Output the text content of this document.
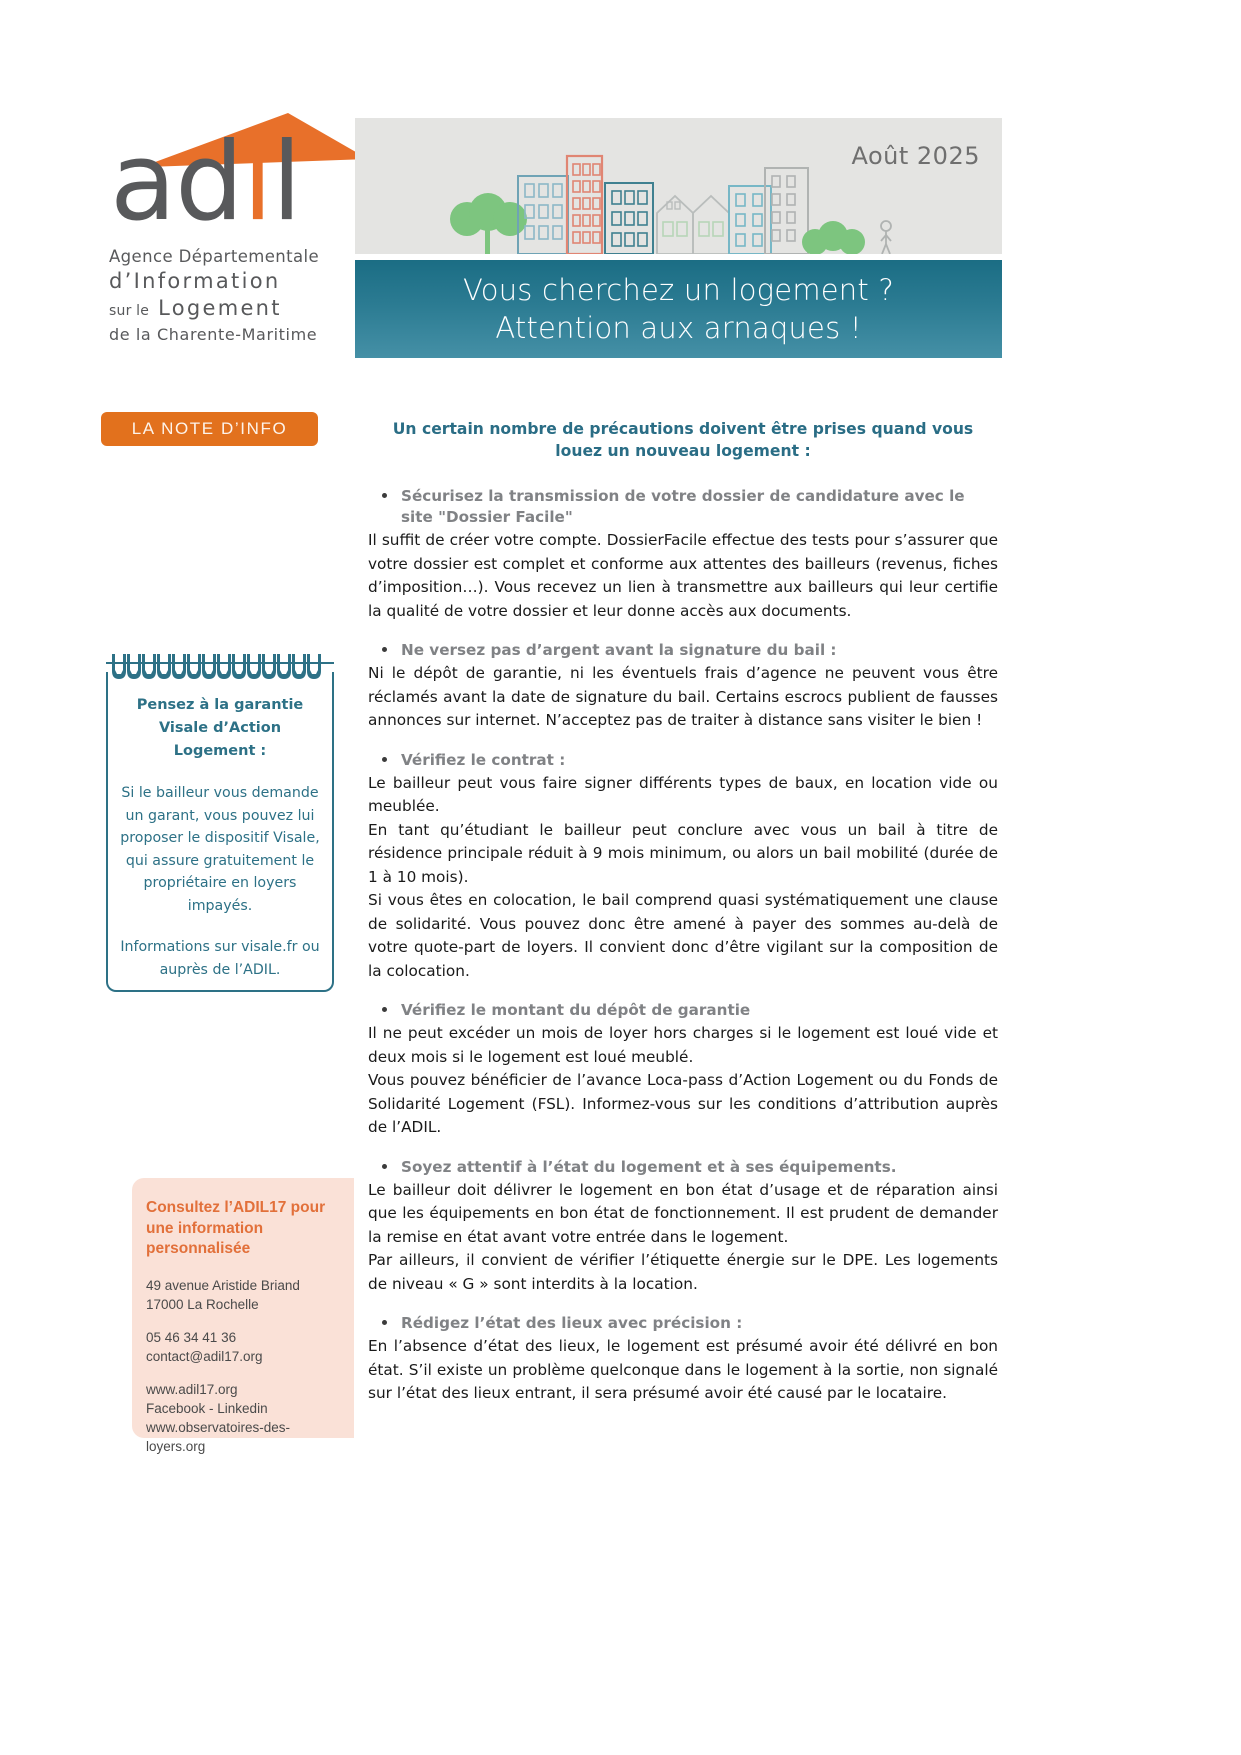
adil
Agence Départementale
d’Information
sur le Logement
de la Charente-Maritime
LA NOTE D’INFO
Pensez à la garantie
Visale d’Action Logement :
Si le bailleur vous demande un garant, vous pouvez lui proposer le dispositif Visale, qui assure gratuitement le propriétaire en loyers impayés.
Informations sur visale.fr ou auprès de l’ADIL.
Consultez l’ADIL17 pour une information personnalisée
49 avenue Aristide Briand
17000 La Rochelle
05 46 34 41 36
contact@adil17.org
www.adil17.org
Facebook - Linkedin
www.observatoires-des-loyers.org
Août 2025
Vous cherchez un logement ?
Attention aux arnaques !
Un certain nombre de précautions doivent être prises quand vous louez un nouveau logement :
Sécurisez la transmission de votre dossier de candidature avec le site "Dossier Facile"

Il suffit de créer votre compte. DossierFacile effectue des tests pour s’assurer que votre dossier est complet et conforme aux attentes des bailleurs (revenus, fiches d’imposition…). Vous recevez un lien à transmettre aux bailleurs qui leur certifie la qualité de votre dossier et leur donne accès aux documents.

Ne versez pas d’argent avant la signature du bail :

Ni le dépôt de garantie, ni les éventuels frais d’agence ne peuvent vous être réclamés avant la date de signature du bail. Certains escrocs publient de fausses annonces sur internet. N’acceptez pas de traiter à distance sans visiter le bien !

Vérifiez le contrat :

Le bailleur peut vous faire signer différents types de baux, en location vide ou meublée.

En tant qu’étudiant le bailleur peut conclure avec vous un bail à titre de résidence principale réduit à 9 mois minimum, ou alors un bail mobilité (durée de 1 à 10 mois).

Si vous êtes en colocation, le bail comprend quasi systématiquement une clause de solidarité. Vous pouvez donc être amené à payer des sommes au-delà de votre quote-part de loyers. Il convient donc d’être vigilant sur la composition de la colocation.

Vérifiez le montant du dépôt de garantie

Il ne peut excéder un mois de loyer hors charges si le logement est loué vide et deux mois si le logement est loué meublé.

Vous pouvez bénéficier de l’avance Loca-pass d’Action Logement ou du Fonds de Solidarité Logement (FSL). Informez-vous sur les conditions d’attribution auprès de l’ADIL.

Soyez attentif à l’état du logement et à ses équipements.

Le bailleur doit délivrer le logement en bon état d’usage et de réparation ainsi que les équipements en bon état de fonctionnement. Il est prudent de demander la remise en état avant votre entrée dans le logement.

Par ailleurs, il convient de vérifier l’étiquette énergie sur le DPE. Les logements de niveau « G » sont interdits à la location.

Rédigez l’état des lieux avec précision :

En l’absence d’état des lieux, le logement est présumé avoir été délivré en bon état. S’il existe un problème quelconque dans le logement à la sortie, non signalé sur l’état des lieux entrant, il sera présumé avoir été causé par le locataire.
